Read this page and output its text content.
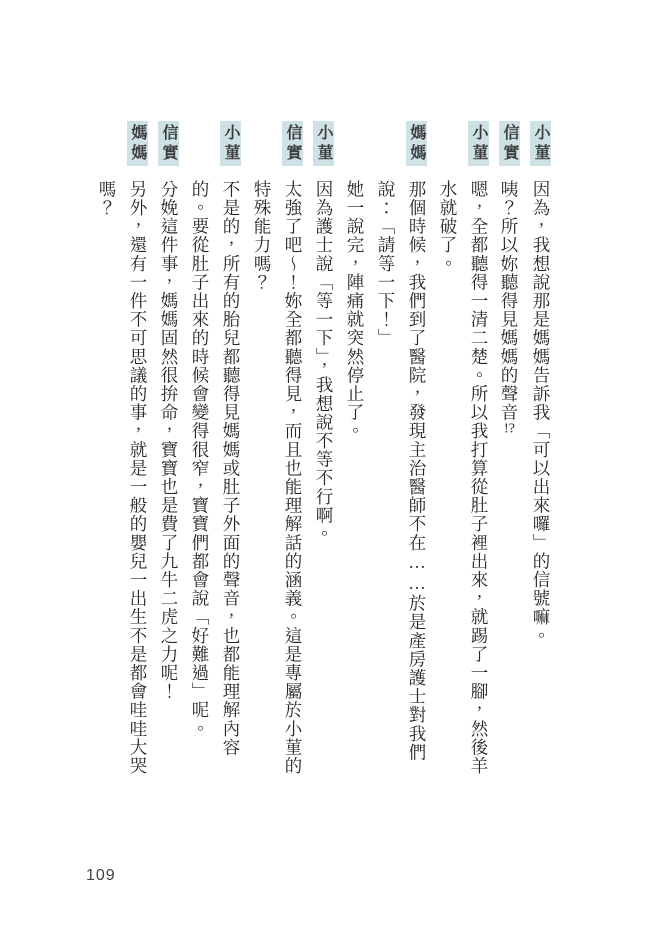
小菫
因為，我想說那是媽媽告訴我「可以出來囉」的信號嘛。
信實
咦？所以妳聽得見媽媽的聲音!?
小菫
嗯，全都聽得一清二楚。所以我打算從肚子裡出來，就踢了一腳，然後羊
水就破了。
媽媽
那個時候，我們到了醫院，發現主治醫師不在……於是產房護士對我們
說：「請等一下！」
她一說完，陣痛就突然停止了。
小菫
因為護士說「等一下」，我想說不等不行啊。
信實
太強了吧～！妳全都聽得見，而且也能理解話的涵義。這是專屬於小菫的
特殊能力嗎？
小菫
不是的，所有的胎兒都聽得見媽媽或肚子外面的聲音，也都能理解內容
的。要從肚子出來的時候會變得很窄，寶寶們都會說「好難過」呢。
信實
分娩這件事，媽媽固然很拚命，寶寶也是費了九牛二虎之力呢！
媽媽
另外，還有一件不可思議的事，就是一般的嬰兒一出生不是都會哇哇大哭
嗎？
109
